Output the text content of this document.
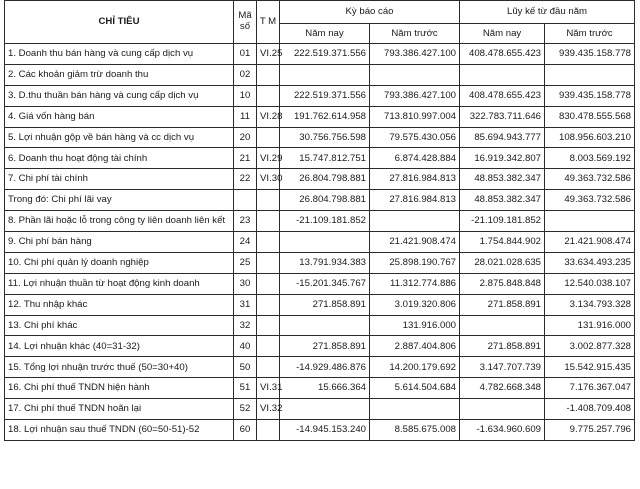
CHỈ TIÊU	Mã số	T M	Kỳ báo cáo		Lũy kế từ đầu năm	
			Năm nay	Năm trước	Năm nay	Năm trước
1. Doanh thu bán hàng và cung cấp dịch vụ	01	VI.25	222.519.371.556	793.386.427.100	408.478.655.423	939.435.158.778
2. Các khoản giảm trừ doanh thu	02					
3. D.thu thuần bán hàng và cung cấp dịch vụ	10		222.519.371.556	793.386.427.100	408.478.655.423	939.435.158.778
4. Giá vốn hàng bán	11	VI.28	191.762.614.958	713.810.997.004	322.783.711.646	830.478.555.568
5. Lợi nhuận gộp về bán hàng và cc dịch vụ	20		30.756.756.598	79.575.430.056	85.694.943.777	108.956.603.210
6. Doanh thu hoạt động tài chính	21	VI.29	15.747.812.751	6.874.428.884	16.919.342.807	8.003.569.192
7. Chi phí tài chính	22	VI.30	26.804.798.881	27.816.984.813	48.853.382.347	49.363.732.586
Trong đó: Chi phí lãi vay			26.804.798.881	27.816.984.813	48.853.382.347	49.363.732.586
8. Phần lãi hoặc lỗ trong công ty liên doanh liên kết	23		-21.109.181.852		-21.109.181.852	
9. Chi phí bán hàng	24			21.421.908.474	1.754.844.902	21.421.908.474
10. Chi phí quản lý doanh nghiệp	25		13.791.934.383	25.898.190.767	28.021.028.635	33.634.493.235
11. Lợi nhuận thuần từ hoạt động kinh doanh	30		-15.201.345.767	11.312.774.886	2.875.848.848	12.540.038.107
12. Thu nhập khác	31		271.858.891	3.019.320.806	271.858.891	3.134.793.328
13. Chi phí khác	32			131.916.000		131.916.000
14. Lợi nhuận khác (40=31-32)	40		271.858.891	2.887.404.806	271.858.891	3.002.877.328
15. Tổng lợi nhuận trước thuế (50=30+40)	50		-14.929.486.876	14.200.179.692	3.147.707.739	15.542.915.435
16. Chi phí thuế TNDN hiện hành	51	VI.31	15.666.364	5.614.504.684	4.782.668.348	7.176.367.047
17. Chi phí thuế TNDN hoãn lại	52	VI.32				-1.408.709.408
18. Lợi nhuận sau thuế TNDN (60=50-51)-52	60		-14.945.153.240	8.585.675.008	-1.634.960.609	9.775.257.796
